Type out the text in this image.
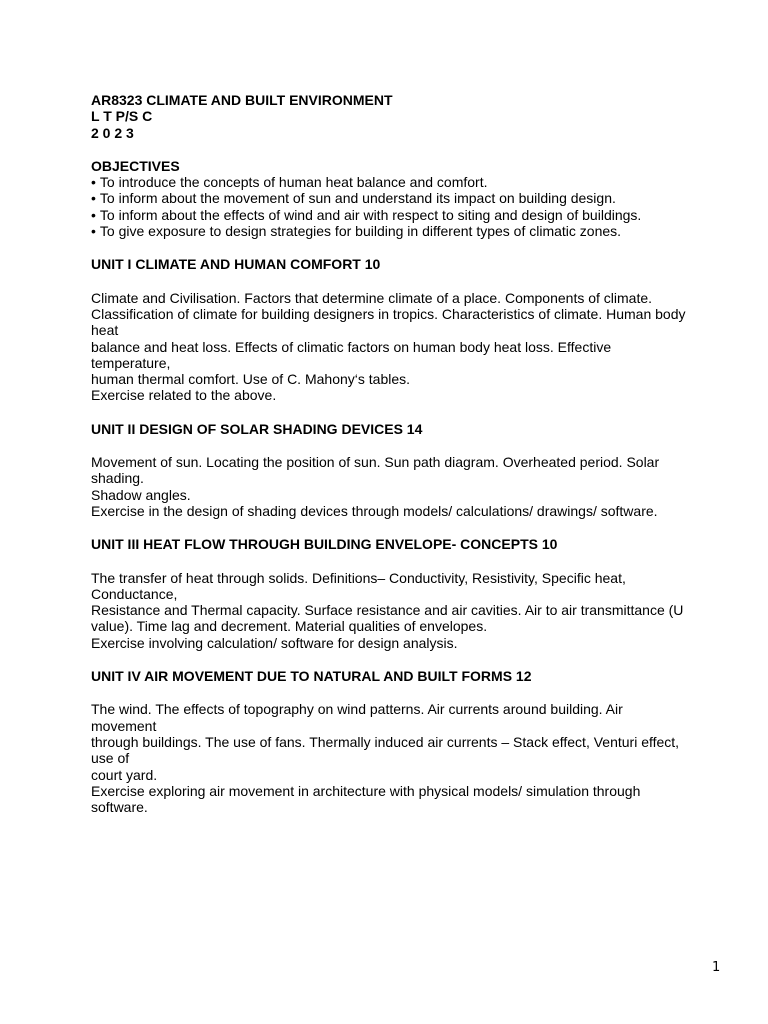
AR8323 CLIMATE AND BUILT ENVIRONMENT
L T P/S C
2 0 2 3
OBJECTIVES
• To introduce the concepts of human heat balance and comfort.
• To inform about the movement of sun and understand its impact on building design.
• To inform about the effects of wind and air with respect to siting and design of buildings.
• To give exposure to design strategies for building in different types of climatic zones.
UNIT I CLIMATE AND HUMAN COMFORT 10
Climate and Civilisation. Factors that determine climate of a place. Components of climate.
Classification of climate for building designers in tropics. Characteristics of climate. Human body
heat
balance and heat loss. Effects of climatic factors on human body heat loss. Effective
temperature,
human thermal comfort. Use of C. Mahony‘s tables.
Exercise related to the above.
UNIT II DESIGN OF SOLAR SHADING DEVICES 14
Movement of sun. Locating the position of sun. Sun path diagram. Overheated period. Solar
shading.
Shadow angles.
Exercise in the design of shading devices through models/ calculations/ drawings/ software.
UNIT III HEAT FLOW THROUGH BUILDING ENVELOPE- CONCEPTS 10
The transfer of heat through solids. Definitions– Conductivity, Resistivity, Specific heat,
Conductance,
Resistance and Thermal capacity. Surface resistance and air cavities. Air to air transmittance (U
value). Time lag and decrement. Material qualities of envelopes.
Exercise involving calculation/ software for design analysis.
UNIT IV AIR MOVEMENT DUE TO NATURAL AND BUILT FORMS 12
The wind. The effects of topography on wind patterns. Air currents around building. Air
movement
through buildings. The use of fans. Thermally induced air currents – Stack effect, Venturi effect,
use of
court yard.
Exercise exploring air movement in architecture with physical models/ simulation through
software.
1
